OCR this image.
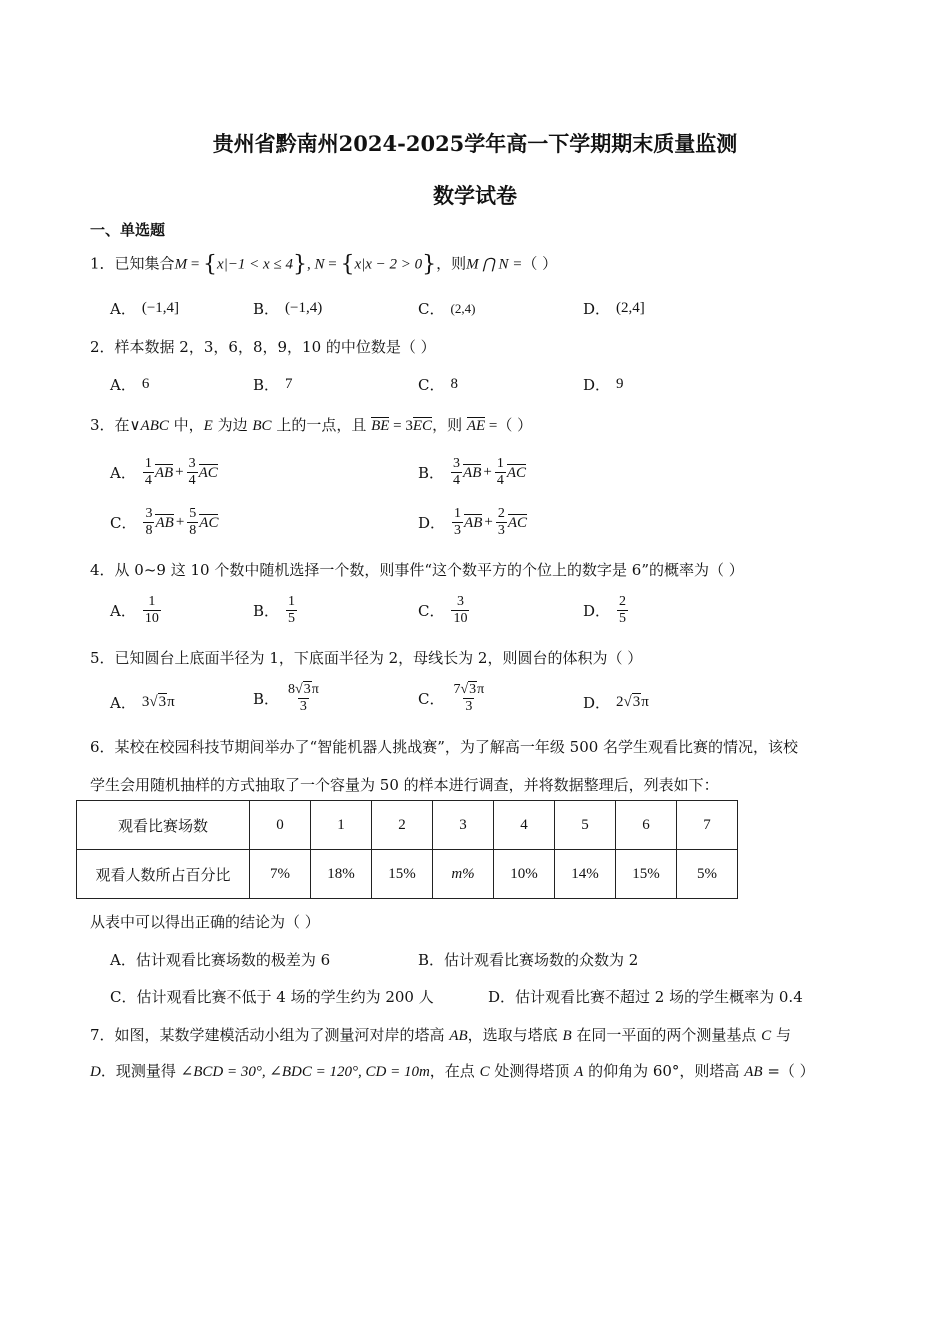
贵州省黔南州2024-2025学年高一下学期期末质量监测
数学试卷
一、单选题
1．已知集合M = {x|−1 < x ≤ 4}, N = {x|x − 2 > 0}，则M ⋂ N =（ ）
A． (−1,4]	B． (−1,4)	C． (2,4)	D． (2,4]
2．样本数据 2，3，6，8，9，10 的中位数是（ ）
A． 6	B． 7	C． 8	D． 9
3．在∨ABC 中，E 为边 BC 上的一点，且 BE = 3EC，则 AE =（ ）
A． $\frac{1}{4}$ AB + $\frac{3}{4}$ AC	B． $\frac{3}{4}$ AB + $\frac{1}{4}$ AC
C． $\frac{3}{8}$ AB + $\frac{5}{8}$ AC	D． $\frac{1}{3}$ AB + $\frac{2}{3}$ AC
4．从 0~9 这 10 个数中随机选择一个数，则事件“这个数平方的个位上的数字是 6”的概率为（ ）
A． $\frac{1}{10}$	B． $\frac{1}{5}$	C． $\frac{3}{10}$	D． $\frac{2}{5}$
5．已知圆台上底面半径为 1，下底面半径为 2，母线长为 2，则圆台的体积为（ ）
A． 3 √3 π	B． $\frac{8√3\pi}{3}$	C． $\frac{7√3\pi}{3}$	D． 2 √3 π
6．某校在校园科技节期间举办了“智能机器人挑战赛”，为了解高一年级 500 名学生观看比赛的情况，该校
学生会用随机抽样的方式抽取了一个容量为 50 的样本进行调查，并将数据整理后，列表如下：
观看比赛场数	0	1	2	3	4	5	6	7
观看人数所占百分比	7%	18%	15%	m%	10%	14%	15%	5%
从表中可以得出正确的结论为（ ）
A． 估计观看比赛场数的极差为 6	B． 估计观看比赛场数的众数为 2
C． 估计观看比赛不低于 4 场的学生约为 200 人	D． 估计观看比赛不超过 2 场的学生概率为 0.4
7．如图，某数学建模活动小组为了测量河对岸的塔高 AB，选取与塔底 B 在同一平面的两个测量基点 C 与
D．现测量得 ∠BCD = 30°, ∠BDC = 120°, CD = 10m，在点 C 处测得塔顶 A 的仰角为 60°，则塔高 AB =（ ）
